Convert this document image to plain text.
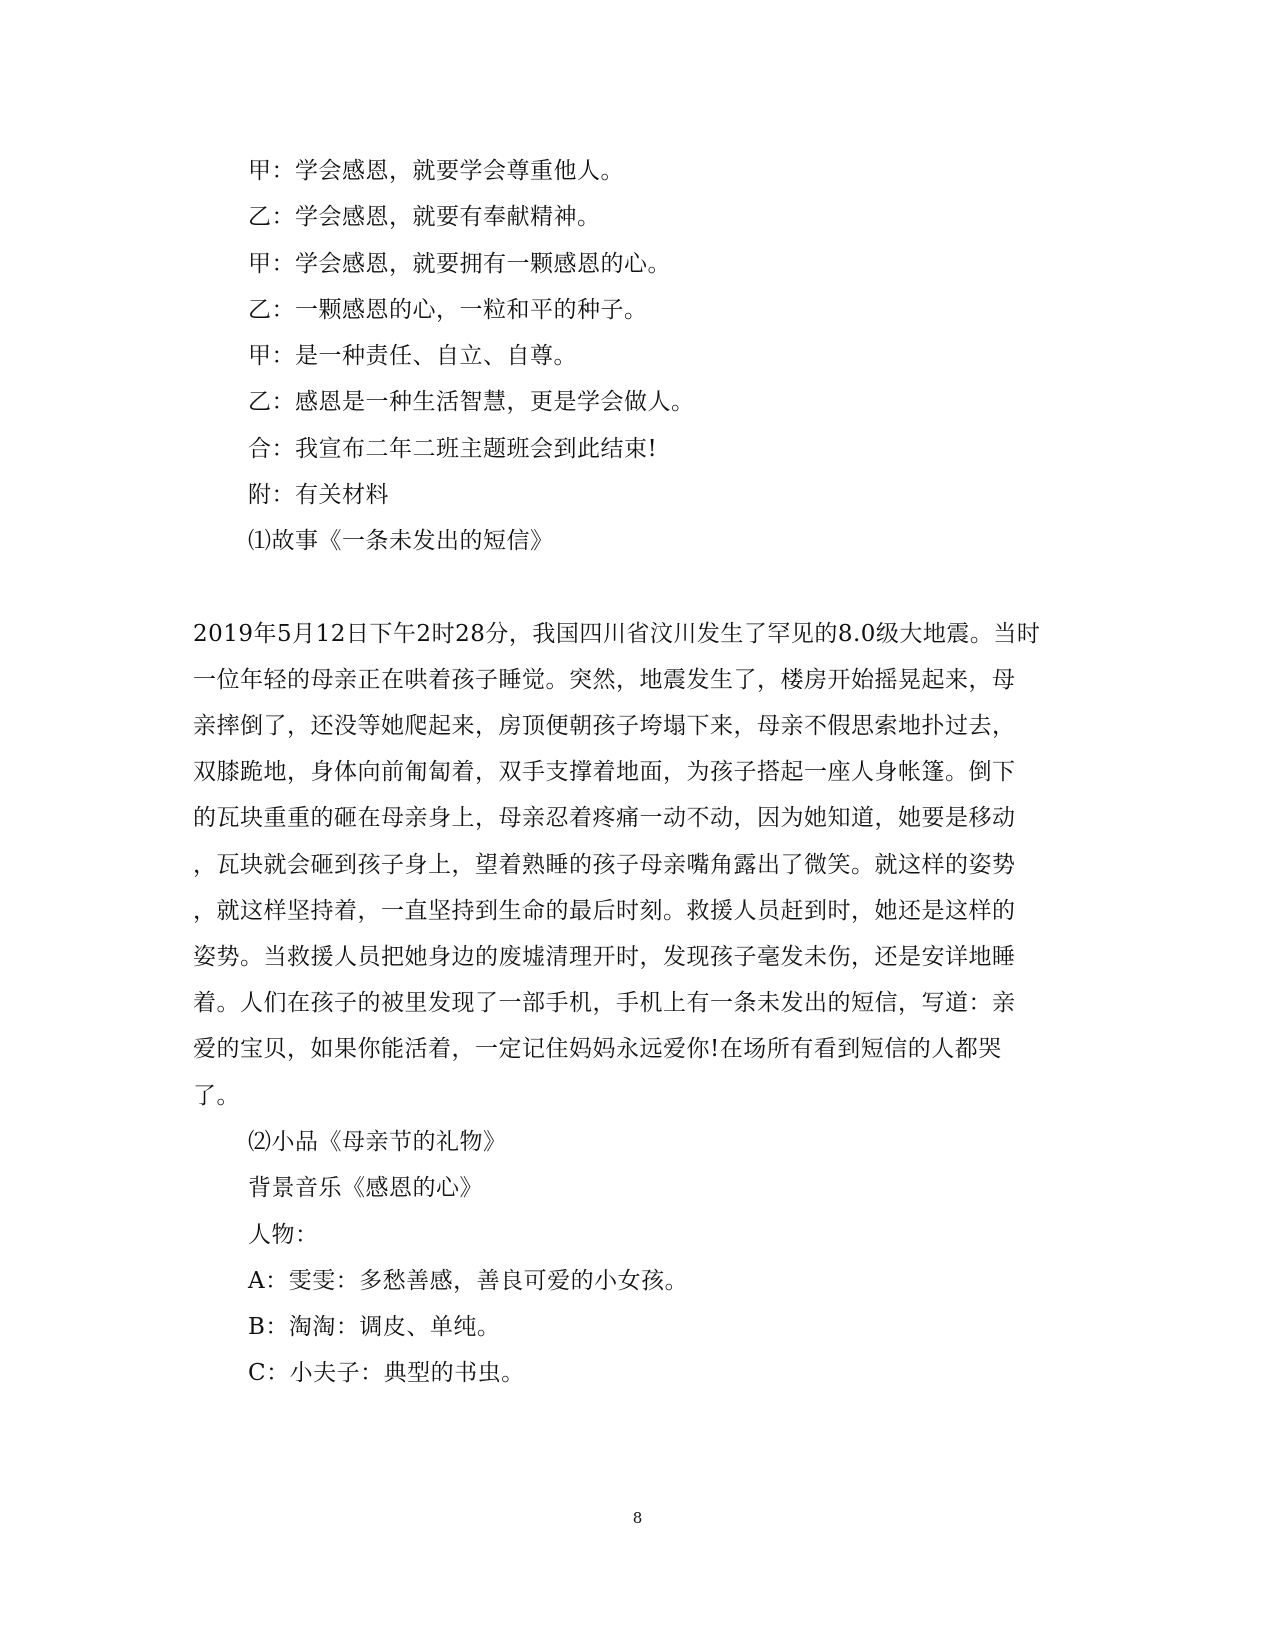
甲：学会感恩，就要学会尊重他人。
乙：学会感恩，就要有奉献精神。
甲：学会感恩，就要拥有一颗感恩的心。
乙：一颗感恩的心，一粒和平的种子。
甲：是一种责任、自立、自尊。
乙：感恩是一种生活智慧，更是学会做人。
合：我宣布二年二班主题班会到此结束!
附：有关材料
⑴故事《一条未发出的短信》
2019年5月12日下午2时28分，我国四川省汶川发生了罕见的8.0级大地震。当时
一位年轻的母亲正在哄着孩子睡觉。突然，地震发生了，楼房开始摇晃起来，母
亲摔倒了，还没等她爬起来，房顶便朝孩子垮塌下来，母亲不假思索地扑过去，
双膝跪地，身体向前匍匐着，双手支撑着地面，为孩子搭起一座人身帐篷。倒下
的瓦块重重的砸在母亲身上，母亲忍着疼痛一动不动，因为她知道，她要是移动
，瓦块就会砸到孩子身上，望着熟睡的孩子母亲嘴角露出了微笑。就这样的姿势
，就这样坚持着，一直坚持到生命的最后时刻。救援人员赶到时，她还是这样的
姿势。当救援人员把她身边的废墟清理开时，发现孩子毫发未伤，还是安详地睡
着。人们在孩子的被里发现了一部手机，手机上有一条未发出的短信，写道：亲
爱的宝贝，如果你能活着，一定记住妈妈永远爱你!在场所有看到短信的人都哭
了。
⑵小品《母亲节的礼物》
背景音乐《感恩的心》
人物：
A：雯雯：多愁善感，善良可爱的小女孩。
B：淘淘：调皮、单纯。
C：小夫子：典型的书虫。
8
